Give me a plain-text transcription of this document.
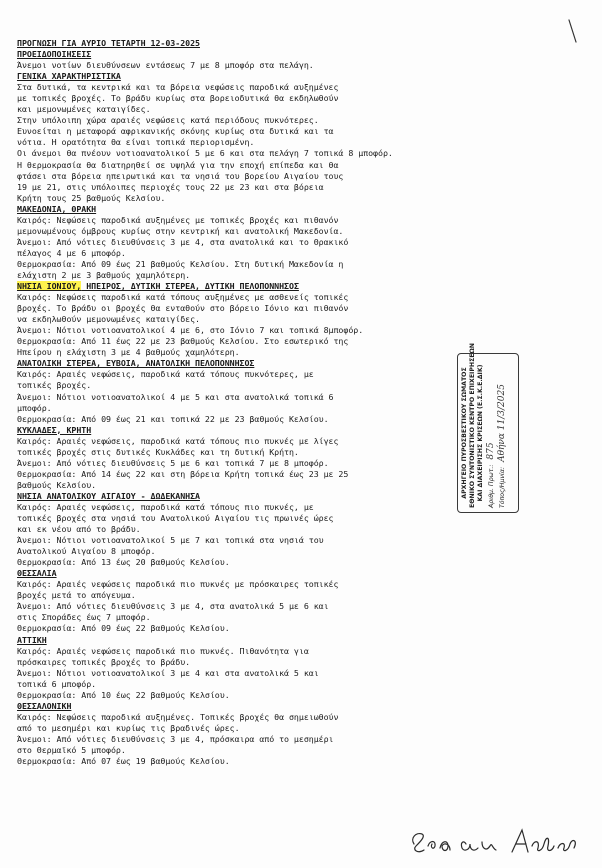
ΠΡΟΓΝΩΣΗ ΓΙΑ ΑΥΡΙΟ ΤΕΤΑΡΤΗ 12-03-2025
ΠΡΟΕΙΔΟΠΟΙΗΣΕΙΣ
Άνεμοι νοτίων διευθύνσεων εντάσεως 7 με 8 μποφόρ στα πελάγη.
ΓΕΝΙΚΑ ΧΑΡΑΚΤΗΡΙΣΤΙΚΑ
Στα δυτικά, τα κεντρικά και τα βόρεια νεφώσεις παροδικά αυξημένες
με τοπικές βροχές. Το βράδυ κυρίως στα βορειοδυτικά θα εκδηλωθούν
και μεμονωμένες καταιγίδες.
Στην υπόλοιπη χώρα αραιές νεφώσεις κατά περιόδους πυκνότερες.
Ευνοείται η μεταφορά αφρικανικής σκόνης κυρίως στα δυτικά και τα
νότια. Η ορατότητα θα είναι τοπικά περιορισμένη.
Οι άνεμοι θα πνέουν νοτιοανατολικοί 5 με 6 και στα πελάγη 7 τοπικά 8 μποφόρ.
Η θερμοκρασία θα διατηρηθεί σε υψηλά για την εποχή επίπεδα και θα
φτάσει στα βόρεια ηπειρωτικά και τα νησιά του βορείου Αιγαίου τους
19 με 21, στις υπόλοιπες περιοχές τους 22 με 23 και στα βόρεια
Κρήτη τους 25 βαθμούς Κελσίου.
ΜΑΚΕΔΟΝΙΑ, ΘΡΑΚΗ
Καιρός: Νεφώσεις παροδικά αυξημένες με τοπικές βροχές και πιθανόν
μεμονωμένους όμβρους κυρίως στην κεντρική και ανατολική Μακεδονία.
Άνεμοι: Από νότιες διευθύνσεις 3 με 4, στα ανατολικά και το Θρακικό
πέλαγος 4 με 6 μποφόρ.
Θερμοκρασία: Από 09 έως 21 βαθμούς Κελσίου. Στη δυτική Μακεδονία η
ελάχιστη 2 με 3 βαθμούς χαμηλότερη.
ΝΗΣΙΑ ΙΟΝΙΟΥ, ΗΠΕΙΡΟΣ, ΔΥΤΙΚΗ ΣΤΕΡΕΑ, ΔΥΤΙΚΗ ΠΕΛΟΠΟΝΝΗΣΟΣ
Καιρός: Νεφώσεις παροδικά κατά τόπους αυξημένες με ασθενείς τοπικές
βροχές. Το βράδυ οι βροχές θα ενταθούν στο βόρειο Ιόνιο και πιθανόν
να εκδηλωθούν μεμονωμένες καταιγίδες.
Άνεμοι: Νότιοι νοτιοανατολικοί 4 με 6, στο Ιόνιο 7 και τοπικά 8μποφόρ.
Θερμοκρασία: Από 11 έως 22 με 23 βαθμούς Κελσίου. Στο εσωτερικό της
Ηπείρου η ελάχιστη 3 με 4 βαθμούς χαμηλότερη.
ΑΝΑΤΟΛΙΚΗ ΣΤΕΡΕΑ, ΕΥΒΟΙΑ, ΑΝΑΤΟΛΙΚΗ ΠΕΛΟΠΟΝΝΗΣΟΣ
Καιρός: Αραιές νεφώσεις, παροδικά κατά τόπους πυκνότερες, με
τοπικές βροχές.
Άνεμοι: Νότιοι νοτιοανατολικοί 4 με 5 και στα ανατολικά τοπικά 6
μποφόρ.
Θερμοκρασία: Από 09 έως 21 και τοπικά 22 με 23 βαθμούς Κελσίου.
ΚΥΚΛΑΔΕΣ, ΚΡΗΤΗ
Καιρός: Αραιές νεφώσεις, παροδικά κατά τόπους πιο πυκνές με λίγες
τοπικές βροχές στις δυτικές Κυκλάδες και τη δυτική Κρήτη.
Άνεμοι: Από νότιες διευθύνσεις 5 με 6 και τοπικά 7 με 8 μποφόρ.
Θερμοκρασία: Από 14 έως 22 και στη βόρεια Κρήτη τοπικά έως 23 με 25
βαθμούς Κελσίου.
ΝΗΣΙΑ ΑΝΑΤΟΛΙΚΟΥ ΑΙΓΑΙΟΥ - ΔΩΔΕΚΑΝΗΣΑ
Καιρός: Αραιές νεφώσεις, παροδικά κατά τόπους πιο πυκνές, με
τοπικές βροχές στα νησιά του Ανατολικού Αιγαίου τις πρωινές ώρες
και εκ νέου από το βράδυ.
Άνεμοι: Νότιοι νοτιοανατολικοί 5 με 7 και τοπικά στα νησιά του
Ανατολικού Αιγαίου 8 μποφόρ.
Θερμοκρασία: Από 13 έως 20 βαθμούς Κελσίου.
ΘΕΣΣΑΛΙΑ
Καιρός: Αραιές νεφώσεις παροδικά πιο πυκνές με πρόσκαιρες τοπικές
βροχές μετά το απόγευμα.
Άνεμοι: Από νότιες διευθύνσεις 3 με 4, στα ανατολικά 5 με 6 και
στις Σποράδες έως 7 μποφόρ.
Θερμοκρασία: Από 09 έως 22 βαθμούς Κελσίου.
ΑΤΤΙΚΗ
Καιρός: Αραιές νεφώσεις παροδικά πιο πυκνές. Πιθανότητα για
πρόσκαιρες τοπικές βροχές το βράδυ.
Άνεμοι: Νότιοι νοτιοανατολικοί 3 με 4 και στα ανατολικά 5 και
τοπικά 6 μποφόρ.
Θερμοκρασία: Από 10 έως 22 βαθμούς Κελσίου.
ΘΕΣΣΑΛΟΝΙΚΗ
Καιρός: Νεφώσεις παροδικά αυξημένες. Τοπικές βροχές θα σημειωθούν
από το μεσημέρι και κυρίως τις βραδινές ώρες.
Άνεμοι: Από νότιες διευθύνσεις 3 με 4, πρόσκαιρα από το μεσημέρι
στο Θερμαϊκό 5 μποφόρ.
Θερμοκρασία: Από 07 έως 19 βαθμούς Κελσίου.
ΑΡΧΗΓΕΙΟ ΠΥΡΟΣΒΕΣΤΙΚΟΥ ΣΩΜΑΤΟΣ ΕΘΝΙΚΟ ΣΥΝΤΟΝΙΣΤΙΚΟ ΚΕΝΤΡΟ ΕΠΙΧΕΙΡΗΣΕΩΝ ΚΑΙ ΔΙΑΧΕΙΡΙΣΗΣ ΚΡΙΣΕΩΝ (Ε.Σ.Κ.Ε.ΔΙΚ) Αριθμ. Πρωτ.: 875
Τόπος/Ημνία: Αθήνα 11/3/2025
